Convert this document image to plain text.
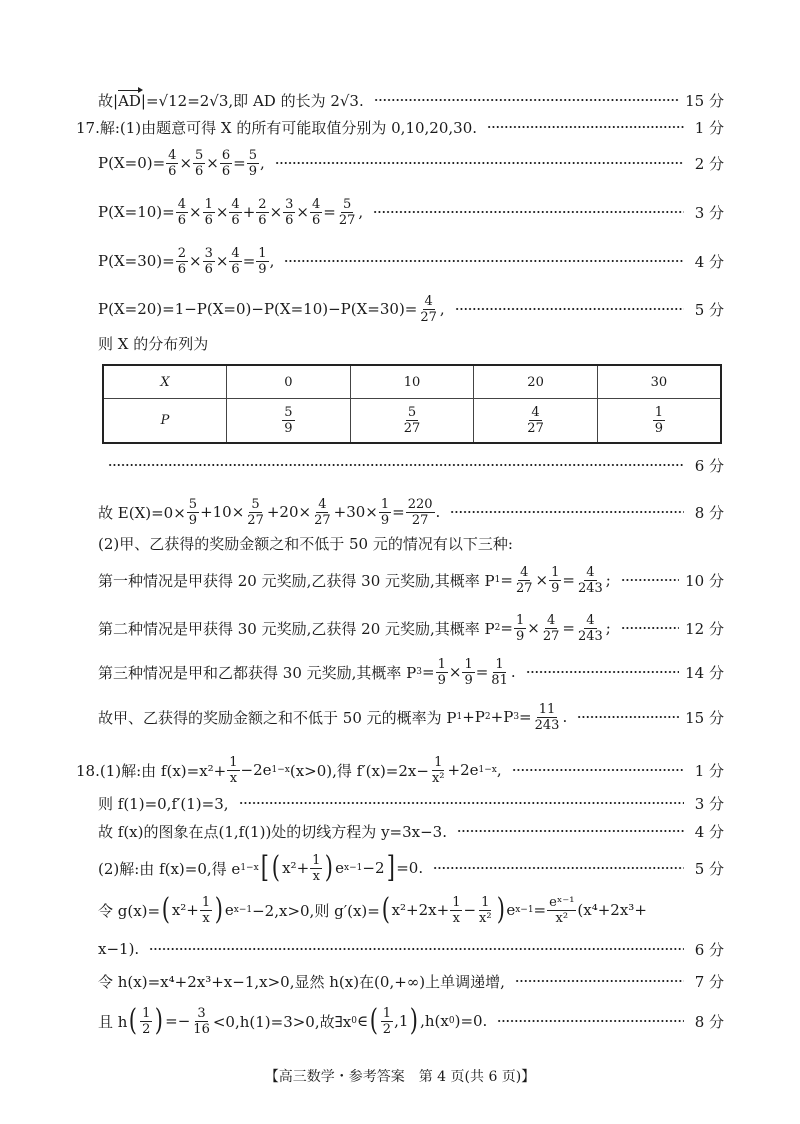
故| AD |=√12=2√3,即 AD 的长为 2√3.	15 分
17.解:(1)由题意可得 X 的所有可能取值分别为 0,10,20,30.	1 分
$P(X=0)= \frac{4}{6} \times \frac{5}{6} \times \frac{6}{6} = \frac{5}{9}$ ,	2 分
$P(X=10)= \frac{4}{6} \times \frac{1}{6} \times \frac{4}{6} + \frac{2}{6} \times \frac{3}{6} \times \frac{4}{6} = \frac{5}{27}$ ,	3 分
$P(X=30)= \frac{2}{6} \times \frac{3}{6} \times \frac{4}{6} = \frac{1}{9}$ ,	4 分
$P(X=20)=1-P(X=0)-P(X=10)-P(X=30)= \frac{4}{27}$ ,	5 分
则 X 的分布列为
6 分
故 $E(X)=0\times \frac{5}{9} +10\times \frac{5}{27} +20\times \frac{4}{27} +30\times \frac{1}{9} = \frac{220}{27}$ .	8 分
(2)甲、乙获得的奖励金额之和不低于 50 元的情况有以下三种:
第一种情况是甲获得 20 元奖励,乙获得 30 元奖励,其概率 P $1 = \frac{4}{27} \times \frac{1}{9} = \frac{4}{243}$ ;	10 分
第二种情况是甲获得 30 元奖励,乙获得 20 元奖励,其概率 P $2 = \frac{1}{9} \times \frac{4}{27} = \frac{4}{243}$ ;	12 分
第三种情况是甲和乙都获得 30 元奖励,其概率 P $3 = \frac{1}{9} \times \frac{1}{9} = \frac{1}{81}$ .	14 分
故甲、乙获得的奖励金额之和不低于 50 元的概率为 P 1 +P 2 +P $3 = \frac{11}{243}$ .	15 分
18.(1)解:由 $f(x)=x^2+ \frac{1}{x} -2e$ 1−x (x>0),得 $f'(x)=2x- \frac{1}{\text{x²}} +2e$ 1−x ,	1 分
则 f(1)=0,f′(1)=3,	3 分
故 f(x)的图象在点(1,f(1))处的切线方程为 y=3x−3.	4 分
(2)解:由 f(x)=0,得 e 1−x [ ( $x^2+ \frac{1}{x}$ ) e x−1 −2 ] =0.	5 分
令 g(x)= ( $x^2+ \frac{1}{x}$ ) e x−1 −2,x>0,则 g′(x)= ( $x^2+2x+ \frac{1}{x} - \frac{1}{\text{x²}}$ ) e $x-1 = \frac{\text{eˣ⁻¹}}{\text{x²}} (x^4+2x^3+$
x−1).	6 分
令 h(x)=x⁴+2x³+x−1,x>0,显然 h(x)在(0,+∞)上单调递增,	7 分
且 h ( $\frac{1}{2}$ ) =− $\frac{3}{16} <0,h(1)=3>0$,故∃x 0 ∈ ( $\frac{1}{2} ,1$ ) ,h(x 0 )=0.	8 分
X	0	10	20	30
P	$\frac{5}{9}$	$\frac{5}{27}$	$\frac{4}{27}$	$\frac{1}{9}$
【高三数学・参考答案　第 4 页(共 6 页)】
